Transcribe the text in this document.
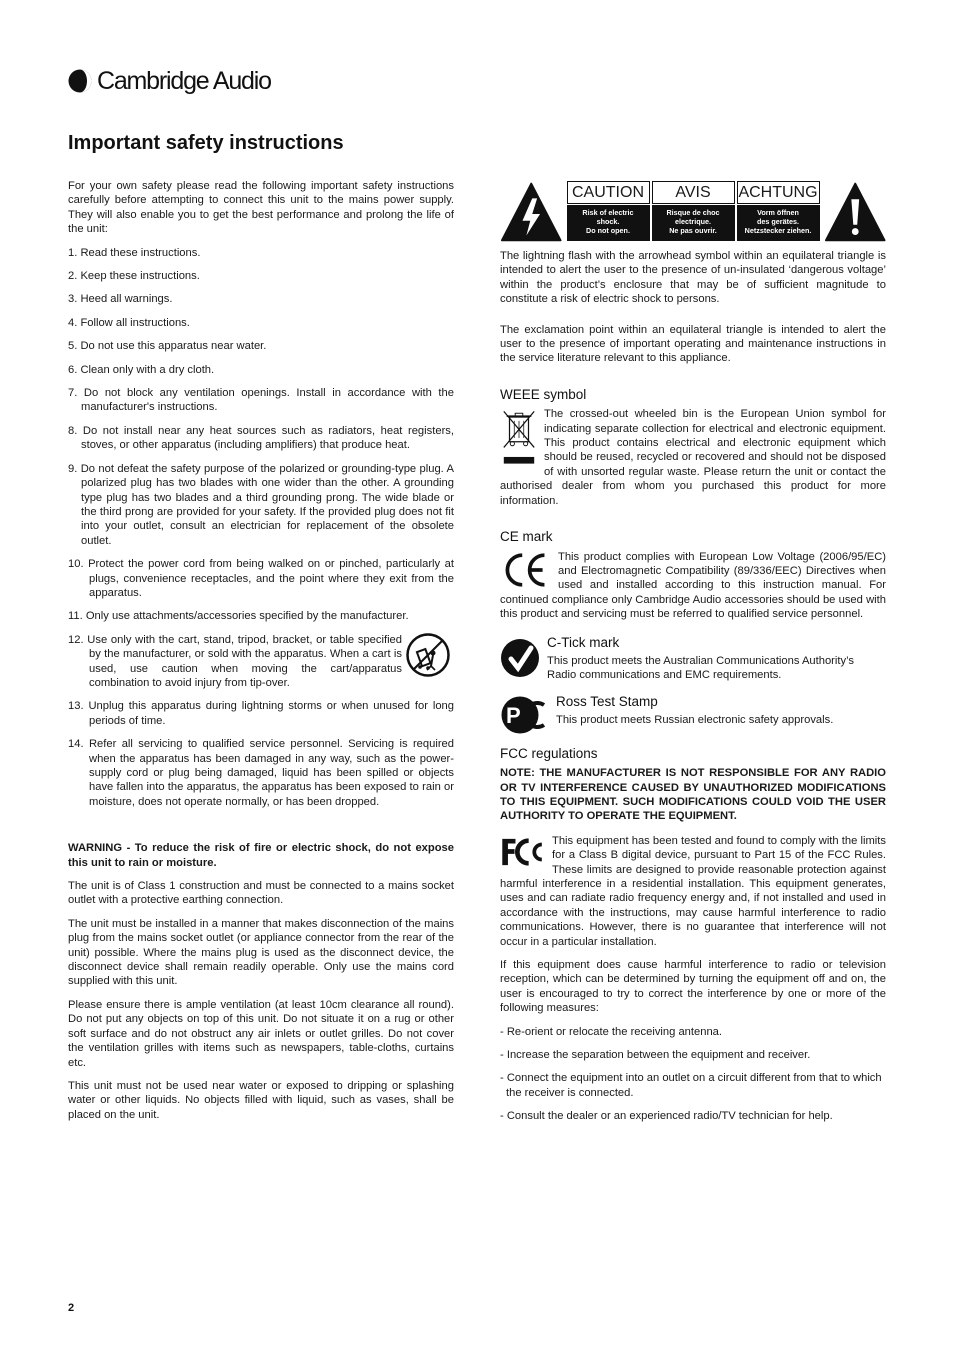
Cambridge Audio
Important safety instructions

For your own safety please read the following important safety instructions carefully before attempting to connect this unit to the mains power supply. They will also enable you to get the best performance and prolong the life of the unit:

1. Read these instructions.
2. Keep these instructions.
3. Heed all warnings.
4. Follow all instructions.
5. Do not use this apparatus near water.
6. Clean only with a dry cloth.
7. Do not block any ventilation openings. Install in accordance with the manufacturer's instructions.
8. Do not install near any heat sources such as radiators, heat registers, stoves, or other apparatus (including amplifiers) that produce heat.
9. Do not defeat the safety purpose of the polarized or grounding-type plug. A polarized plug has two blades with one wider than the other. A grounding type plug has two blades and a third grounding prong. The wide blade or the third prong are provided for your safety. If the provided plug does not fit into your outlet, consult an electrician for replacement of the obsolete outlet.
10. Protect the power cord from being walked on or pinched, particularly at plugs, convenience receptacles, and the point where they exit from the apparatus.
11. Only use attachments/accessories specified by the manufacturer.
12. Use only with the cart, stand, tripod, bracket, or table specified by the manufacturer, or sold with the apparatus. When a cart is used, use caution when moving the cart/apparatus combination to avoid injury from tip-over.
13. Unplug this apparatus during lightning storms or when unused for long periods of time.
14. Refer all servicing to qualified service personnel. Servicing is required when the apparatus has been damaged in any way, such as the power-supply cord or plug being damaged, liquid has been spilled or objects have fallen into the apparatus, the apparatus has been exposed to rain or moisture, does not operate normally, or has been dropped.

WARNING - To reduce the risk of fire or electric shock, do not expose this unit to rain or moisture.

The unit is of Class 1 construction and must be connected to a mains socket outlet with a protective earthing connection.

The unit must be installed in a manner that makes disconnection of the mains plug from the mains socket outlet (or appliance connector from the rear of the unit) possible. Where the mains plug is used as the disconnect device, the disconnect device shall remain readily operable. Only use the mains cord supplied with this unit.

Please ensure there is ample ventilation (at least 10cm clearance all round). Do not put any objects on top of this unit. Do not situate it on a rug or other soft surface and do not obstruct any air inlets or outlet grilles. Do not cover the ventilation grilles with items such as newspapers, table-cloths, curtains etc.

This unit must not be used near water or exposed to dripping or splashing water or other liquids. No objects filled with liquid, such as vases, shall be placed on the unit.

CAUTION
Risk of electric
shock.
Do not open.
AVIS
Risque de choc
electrique.
Ne pas ouvrir.
ACHTUNG
Vorm öffnen
des gerätes.
Netzstecker ziehen.

The lightning flash with the arrowhead symbol within an equilateral triangle is intended to alert the user to the presence of un-insulated ‘dangerous voltage’ within the product’s enclosure that may be of sufficient magnitude to constitute a risk of electric shock to persons.

The exclamation point within an equilateral triangle is intended to alert the user to the presence of important operating and maintenance instructions in the service literature relevant to this appliance.

WEEE symbol

The crossed-out wheeled bin is the European Union symbol for indicating separate collection for electrical and electronic equipment. This product contains electrical and electronic equipment which should be reused, recycled or recovered and should not be disposed of with unsorted regular waste. Please return the unit or contact the authorised dealer from whom you purchased this product for more information.

CE mark

This product complies with European Low Voltage (2006/95/EC) and Electromagnetic Compatibility (89/336/EEC) Directives when used and installed according to this instruction manual. For continued compliance only Cambridge Audio accessories should be used with this product and servicing must be referred to qualified service personnel.

C-Tick mark
This product meets the Australian Communications Authority’s Radio communications and EMC requirements.
P
Ross Test Stamp
This product meets Russian electronic safety approvals.
FCC regulations

NOTE: THE MANUFACTURER IS NOT RESPONSIBLE FOR ANY RADIO OR TV INTERFERENCE CAUSED BY UNAUTHORIZED MODIFICATIONS TO THIS EQUIPMENT. SUCH MODIFICATIONS COULD VOID THE USER AUTHORITY TO OPERATE THE EQUIPMENT.

This equipment has been tested and found to comply with the limits for a Class B digital device, pursuant to Part 15 of the FCC Rules. These limits are designed to provide reasonable protection against harmful interference in a residential installation. This equipment generates, uses and can radiate radio frequency energy and, if not installed and used in accordance with the instructions, may cause harmful interference to radio communications. However, there is no guarantee that interference will not occur in a particular installation.

If this equipment does cause harmful interference to radio or television reception, which can be determined by turning the equipment off and on, the user is encouraged to try to correct the interference by one or more of the following measures:

- Re-orient or relocate the receiving antenna.

- Increase the separation between the equipment and receiver.

- Connect the equipment into an outlet on a circuit different from that to which the receiver is connected.

- Consult the dealer or an experienced radio/TV technician for help.

2
